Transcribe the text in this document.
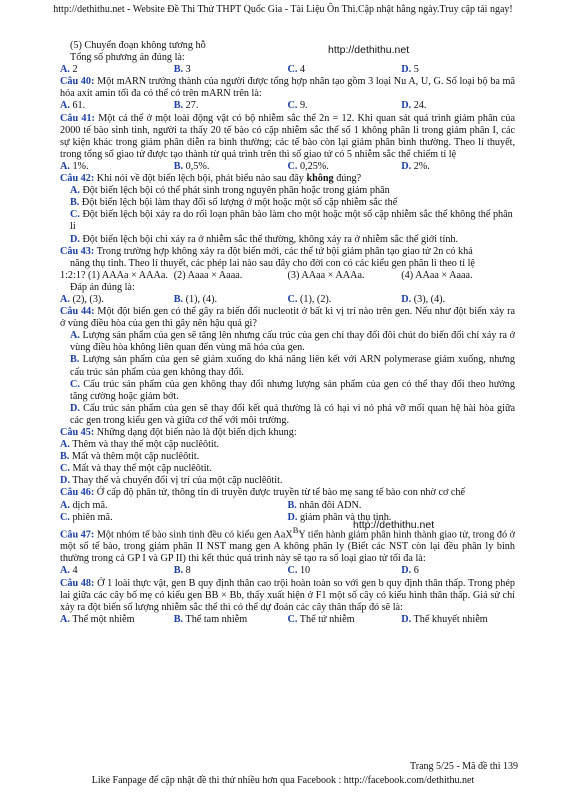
http://dethithu.net - Website Đề Thi Thử THPT Quốc Gia - Tài Liệu Ôn Thi.Cập nhật hằng ngày.Truy cập tải ngay!
http://dethithu.net
http://dethithu.net

(5) Chuyển đoạn không tương hỗ

Tổng số phương án đúng là:

A. 2	B. 3	C. 4	D. 5

Câu 40: Một mARN trưởng thành của người được tổng hợp nhân tạo gồm 3 loại Nu A, U, G. Số loại bộ ba mã hóa axit amin tối đa có thể có trên mARN trên là:

A. 61.	B. 27.	C. 9.	D. 24.

Câu 41: Một cá thể ở một loài động vật có bộ nhiễm sắc thể 2n = 12. Khi quan sát quá trình giảm phân của 2000 tế bào sinh tinh, người ta thấy 20 tế bào có cặp nhiễm sắc thể số 1 không phân li trong giảm phân I, các sự kiện khác trong giảm phân diễn ra bình thường; các tế bào còn lại giảm phân bình thường. Theo lí thuyết, trong tổng số giao tử được tạo thành từ quá trình trên thì số giao tử có 5 nhiễm sắc thể chiếm tỉ lệ

A. 1%.	B. 0,5%.	C. 0,25%.	D. 2%.

Câu 42: Khi nói về đột biến lệch bội, phát biểu nào sau đây không đúng?

A. Đột biến lệch bội có thể phát sinh trong nguyên phân hoặc trong giảm phân

B. Đột biến lệch bội làm thay đổi số lượng ở một hoặc một số cặp nhiễm sắc thể

C. Đột biến lệch bội xảy ra do rối loạn phân bào làm cho một hoặc một số cặp nhiễm sắc thể không thể phân li

D. Đột biến lệch bội chỉ xảy ra ở nhiễm sắc thể thường, không xảy ra ở nhiễm sắc thể giới tính.

Câu 43: Trong trường hợp không xảy ra đột biến mới, các thể tứ bội giảm phân tạo giao tử 2n có khả

năng thụ tinh. Theo lí thuyết, các phép lai nào sau đây cho đời con có các kiểu gen phân li theo tỉ lệ

1:2:1? (1) AAAa × AAAa. (2) Aaaa × Aaaa.	(3) AAaa × AAAa.	(4) AAaa × Aaaa.

Đáp án đúng là:

A. (2), (3).	B. (1), (4).	C. (1), (2).	D. (3), (4).

Câu 44: Một đột biến gen có thể gây ra biến đổi nucleotit ở bất kì vị trí nào trên gen. Nếu như đột biến xảy ra ở vùng điều hòa của gen thì gây nên hậu quả gì?

A. Lượng sản phẩm của gen sẽ tăng lên nhưng cấu trúc của gen chỉ thay đổi đôi chút do biến đổi chỉ xảy ra ở vùng điều hòa không liên quan đến vùng mã hóa của gen.

B. Lượng sản phẩm của gen sẽ giảm xuống do khả năng liên kết với ARN polymerase giảm xuống, nhưng cấu trúc sản phẩm của gen không thay đổi.

C. Cấu trúc sản phẩm của gen không thay đổi nhưng lượng sản phẩm của gen có thể thay đổi theo hướng tăng cường hoặc giảm bớt.

D. Cấu trúc sản phẩm của gen sẽ thay đổi kết quả thường là có hại vì nó phá vỡ mối quan hệ hài hòa giữa các gen trong kiểu gen và giữa cơ thể với môi trường.

Câu 45: Những dạng đột biến nào là đột biến dịch khung:

A. Thêm và thay thế một cặp nuclêôtit.

B. Mất và thêm một cặp nuclêôtit.

C. Mất và thay thế một cặp nuclêôtit.

D. Thay thế và chuyển đổi vị trí của một cặp nuclêôtit.

Câu 46: Ở cấp độ phân tử, thông tin di truyền được truyền từ tế bào mẹ sang tế bào con nhờ cơ chế

A. dịch mã.	B. nhân đôi ADN.
C. phiên mã.	D. giảm phân và thụ tinh.

Câu 47: Một nhóm tế bào sinh tinh đều có kiểu gen AaX$^B$Y tiến hành giảm phân hình thành giao tử, trong đó ở một số tế bào, trong giảm phân II NST mang gen A không phân ly (Biết các NST còn lại đều phân ly bình thường trong cả GP I và GP II) thì kết thúc quá trình này sẽ tạo ra số loại giao tử tối đa là:

A. 4	B. 8	C. 10	D. 6

Câu 48: Ở 1 loài thực vật, gen B quy định thân cao trội hoàn toàn so với gen b quy định thân thấp. Trong phép lai giữa các cây bố mẹ có kiểu gen BB × Bb, thấy xuất hiện ở F1 một số cây có kiểu hình thân thấp. Giả sử chỉ xảy ra đột biến số lượng nhiễm sắc thể thì có thể dự đoán các cây thân thấp đó sẽ là:

A. Thể một nhiễm	B. Thể tam nhiễm	C. Thể tứ nhiễm	D. Thể khuyết nhiễm
Trang 5/25 - Mã đề thi 139
Like Fanpage để cập nhật đề thi thử nhiều hơn qua Facebook : http://facebook.com/dethithu.net
